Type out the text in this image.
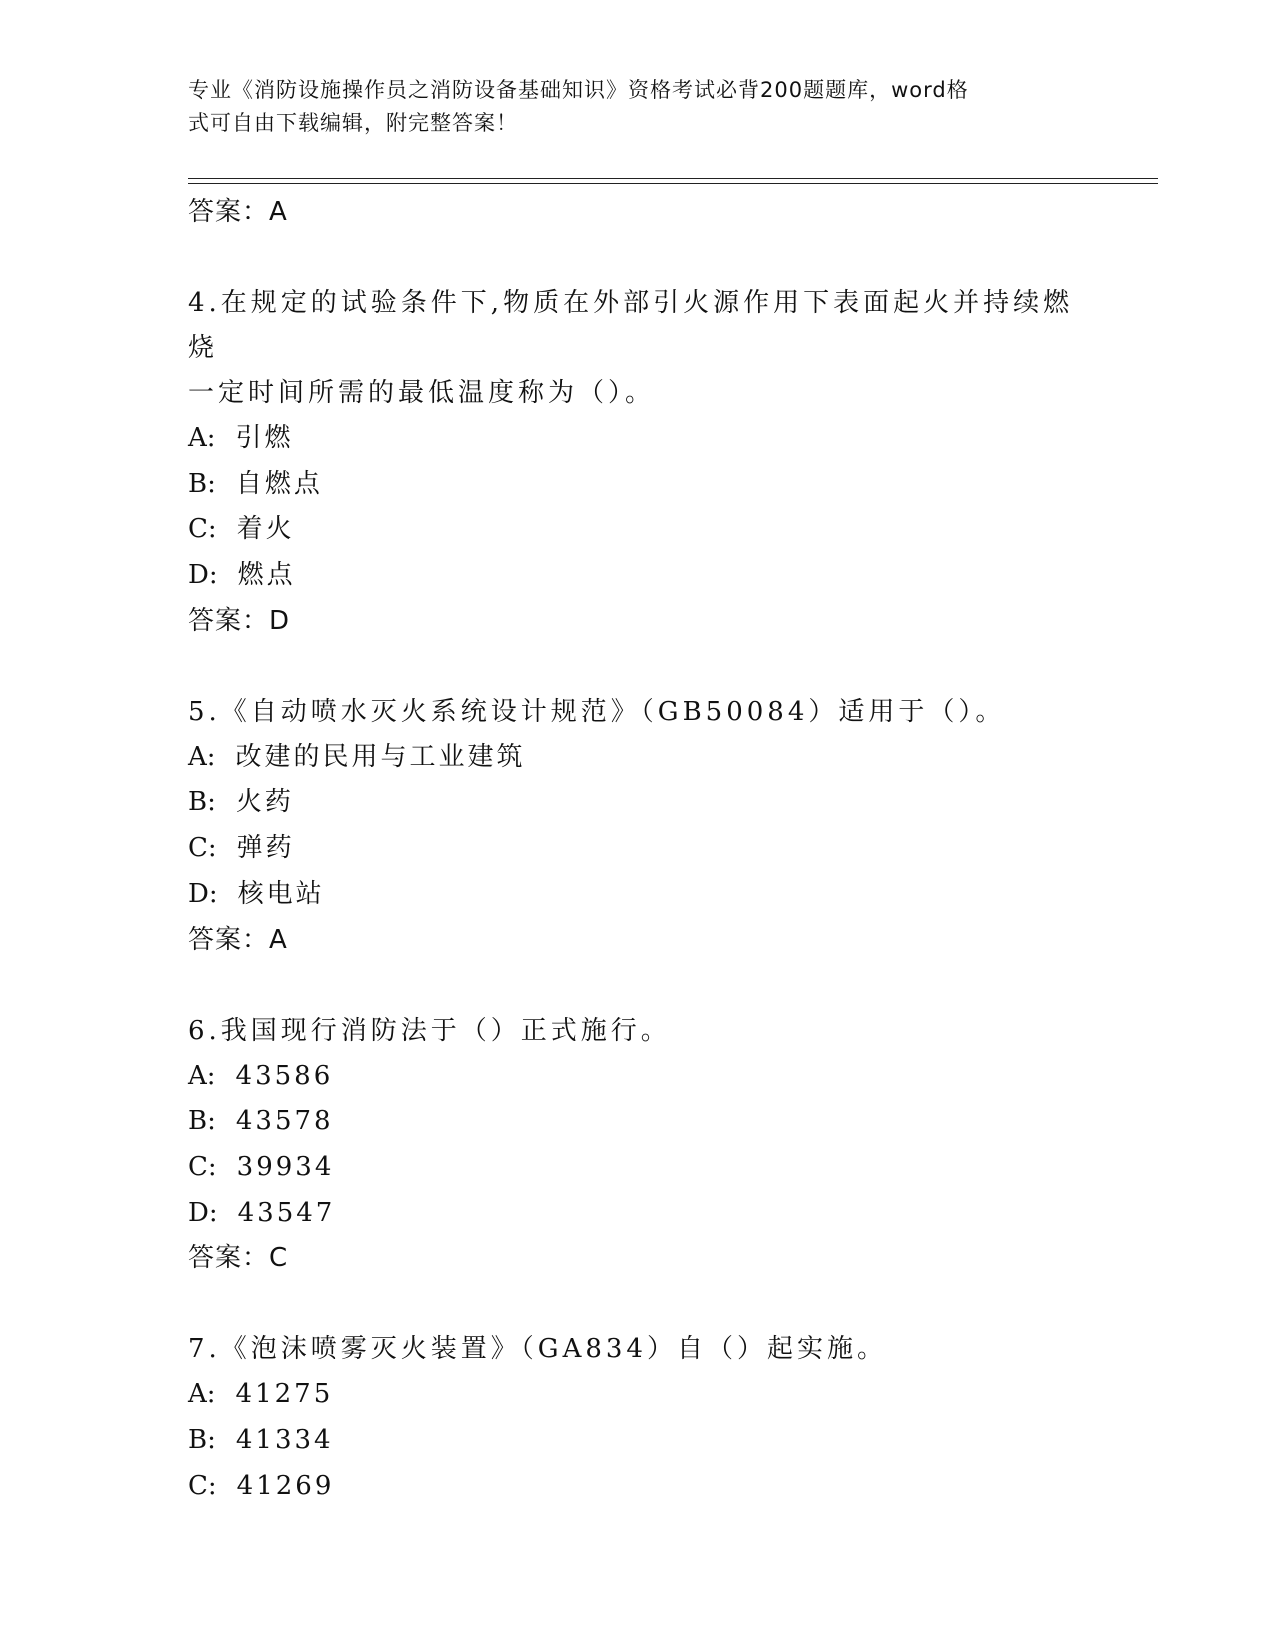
专业《消防设施操作员之消防设备基础知识》资格考试必背200题题库，word格
式可自由下载编辑，附完整答案！
答案：A
4.在规定的试验条件下,物质在外部引火源作用下表面起火并持续燃烧
一定时间所需的最低温度称为（）。
A: 引燃
B: 自燃点
C: 着火
D: 燃点
答案：D
5.《自动喷水灭火系统设计规范》（GB50084）适用于（）。
A: 改建的民用与工业建筑
B: 火药
C: 弹药
D: 核电站
答案：A
6.我国现行消防法于（）正式施行。
A: 43586
B: 43578
C: 39934
D: 43547
答案：C
7.《泡沫喷雾灭火装置》（GA834）自（）起实施。
A: 41275
B: 41334
C: 41269
